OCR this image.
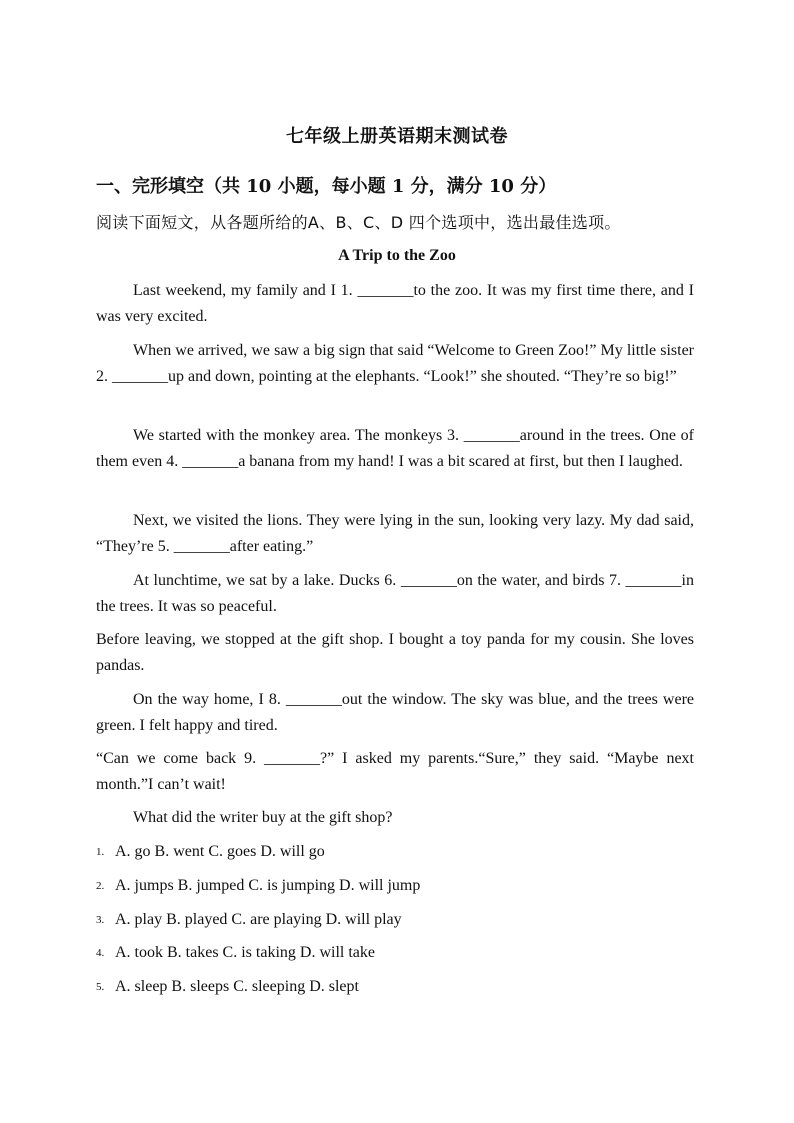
七年级上册英语期末测试卷
一、完形填空（共 10 小题，每小题 1 分，满分 10 分）
阅读下面短文，从各题所给的A、B、C、D 四个选项中，选出最佳选项。
A Trip to the Zoo
Last weekend, my family and I 1. _______to the zoo. It was my first time there, and I was very excited.
When we arrived, we saw a big sign that said “Welcome to Green Zoo!” My little sister 2. _______up and down, pointing at the elephants. “Look!” she shouted. “They’re so big!”
We started with the monkey area. The monkeys 3. _______around in the trees. One of them even 4. _______a banana from my hand! I was a bit scared at first, but then I laughed.
Next, we visited the lions. They were lying in the sun, looking very lazy. My dad said, “They’re 5. _______after eating.”
At lunchtime, we sat by a lake. Ducks 6. _______on the water, and birds 7. _______in the trees. It was so peaceful.
Before leaving, we stopped at the gift shop. I bought a toy panda for my cousin. She loves pandas.
On the way home, I 8. _______out the window. The sky was blue, and the trees were green. I felt happy and tired.
“Can we come back 9. _______?” I asked my parents.“Sure,” they said. “Maybe next month.”I can’t wait!
What did the writer buy at the gift shop?
1. A. go B. went C. goes D. will go
2. A. jumps B. jumped C. is jumping D. will jump
3. A. play B. played C. are playing D. will play
4. A. took B. takes C. is taking D. will take
5. A. sleep B. sleeps C. sleeping D. slept
